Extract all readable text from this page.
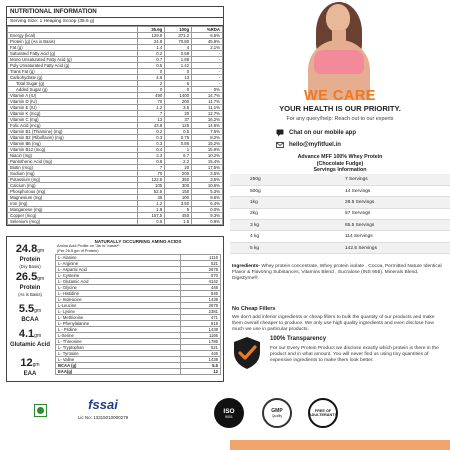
NUTRITIONAL INFORMATION
Serving Size: 1 Heaping Scoop (35.6 g)
	35.6g	100g	%RDA
Energy (kcal)	129.9	371.2	6.5%
Protein (g) (As is Basis)	24.8	70.80	45.9%
Fat (g)	1.4	4	2.1%
Saturated Fatty Acid (g)	0.2	0.68	-
Mono Unsaturated Fatty Acid (g)	0.7	1.88	-
Poly Unsaturated Fatty Acid (g)	0.5	1.42	-
Trans Fat (g)	0	0	-
Carbohydrate (g)	4.6	13	-
Total Sugar (g)	2	6	-
Added Sugar (g)	0	0	0%
Vitamin A (IU)	490	1400	14.7%
Vitamin D (IU)	70	200	11.7%
Vitamin E (IU)	1.2	3.5	11.1%
Vitamin K (mcg)	7	20	12.7%
Vitamin C (mg)	13	37	16.2%
Folic Acid (mcg)	43.8	125	14.6%
Vitamin B1 (Thiamine) (mg)	0.2	0.5	7.6%
Vitamin B2 (Riboflavin) (mg)	0.3	0.75	8.2%
Vitamin B6 (mg)	0.3	0.86	15.2%
Vitamin B12 (mcg)	0.4	1	15.9%
Niacin (mg)	3.3	6.7	10.2%
Pantothenic Acid (mg)	0.8	2.2	15.4%
Biotin (mcg)	7	20	17.5%
Sodium (mg)	70	200	3.5%
Potassium (mg)	122.5	350	3.5%
Calcium (mg)	105	300	10.5%
Phosphorous (mg)	52.5	150	5.3%
Magnesium (mg)	35	100	8.6%
Iron (mg)	1.2	3.50	6.4%
Manganese (mg)	1.8	5	0.0%
Copper (mcg)	157.5	450	9.3%
Selenium (mcg)	0.5	1.5	0.9%
24.8gm
Protein
(Dry Basis)
26.5gm
Protein
(As is Basis)
5.5gm
BCAA
4.1gm
Glutamic Acid
12gm
EAA
NATURALLY OCCURRING AMINO ACIDS
Amino Acid Profile on "As Is" basis**
(Per 26.5 gm of Protein)
L- Alanine	1116
L- Arginine	521
L- Aspartic Acid	2678
L- Cysteine	570
L- Glutamic Acid	4142
L- Glycine	446
L- Histidine	546
L- Isoleucine	1438
L-Leucine	2678
L- Lysine	2381
L- Methionine	471
L- Phenylalanine	818
L - Proline	1438
L-Serine	1166
L- Threonine	1786
L- Tryptophan	521
L- Tyrosine	446
L- Valine	1438
BCAA (g)	5.5
EAA(g)	12
fssai
Lic No: 13315010000279
ISO
9001
GMP
Quality
FREE OF ADULTERANTS
WE CARE
YOUR HEALTH IS OUR PRIORITY.
For any query/help: Reach out to our experts
Chat on our mobile app
hello@myfitfuel.in
Advance MFF 100% Whey Protein
(Chocolate Fudge)
Servings Information
250g	7 Servings
500g	14 Servings
1kg	28.5 Servings
2kg	57 Servings
3 kg	85.5 Servings
4 kg	114 Servings
5 kg	142.5 Servings
Ingredients- Whey protein concentrate, Whey protein isolate , Cocoa, Permitted Nature Identical Flavor & Flavoring Substances, Vitamins Blend , Sucralose (INS 955), Minerals Blend, DigeZyme®.
No Cheap Fillers
We don't add inferior ingredients or cheap fillers to bulk the quantity of our products and make them overall cheaper to produce. We only use high quality ingredients and even disclose how much we use in particular products.
100% Transparency
For our Every Protein Product we disclose exactly which protein is there in the product and in what amount. You will never find us using tiny quantities of expensive ingredients to make them look better.
